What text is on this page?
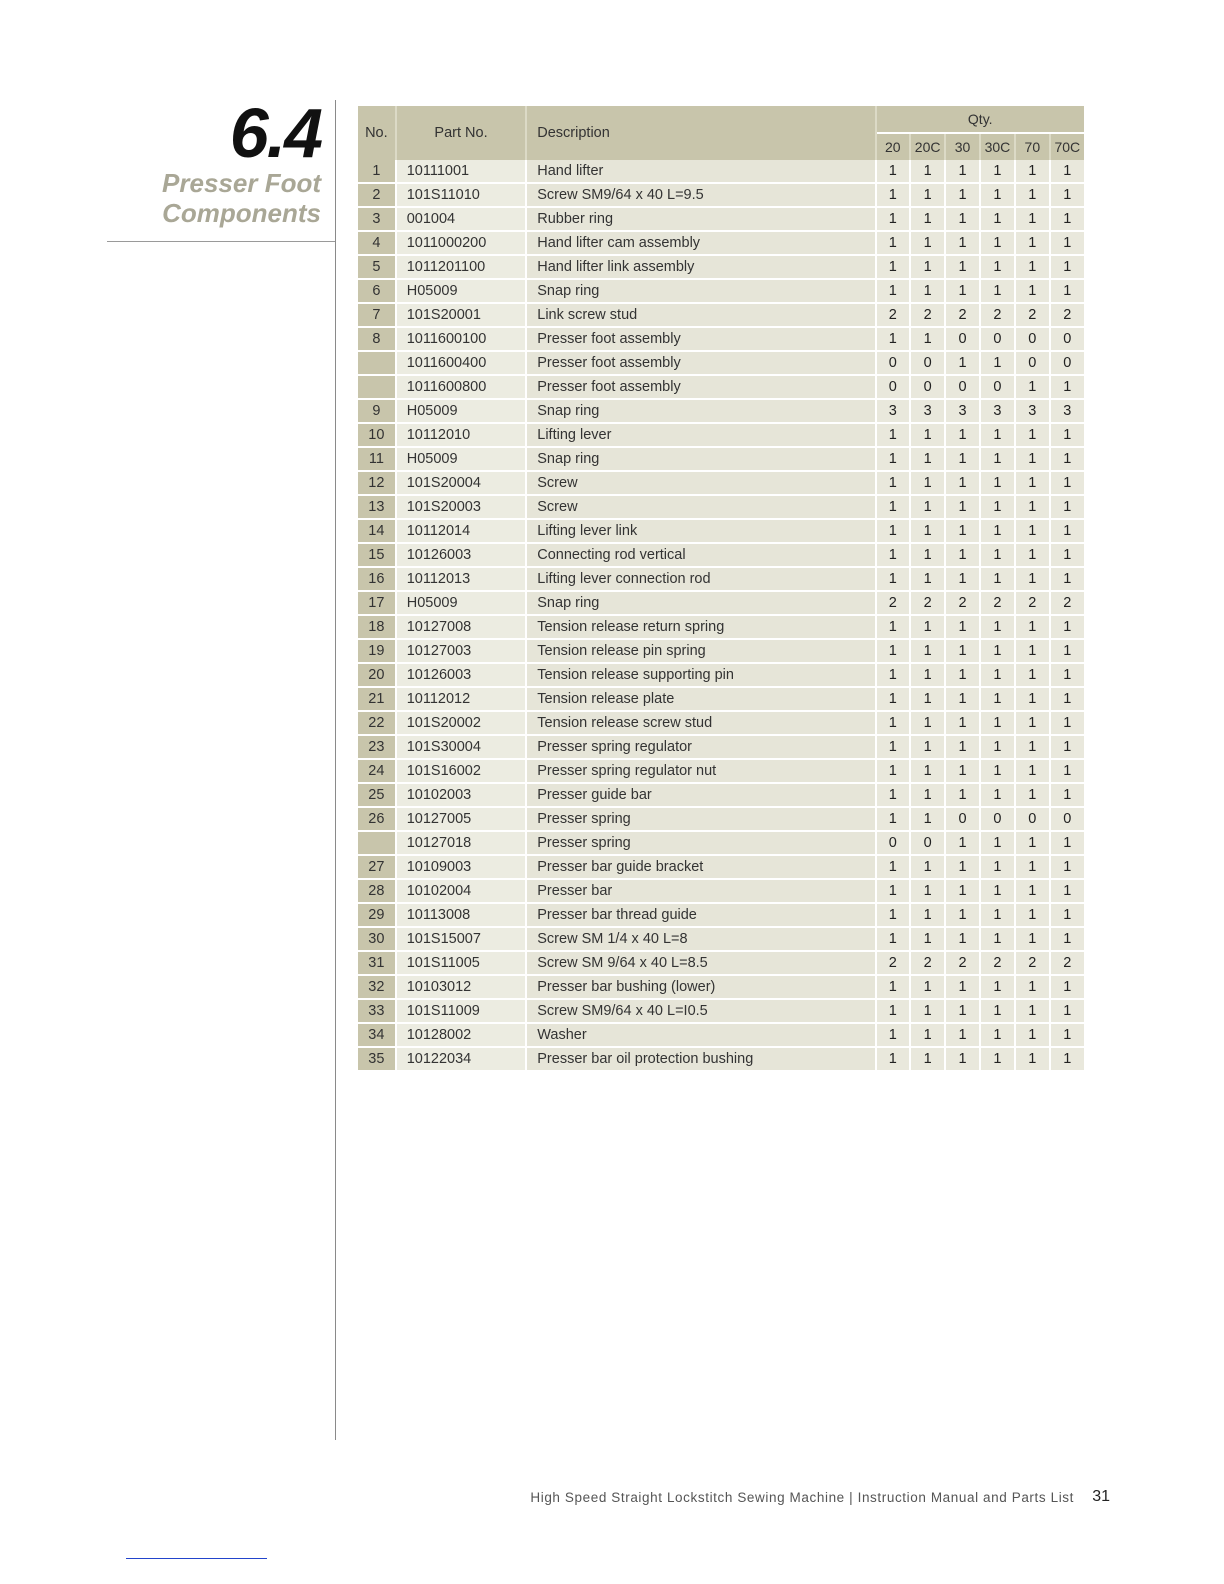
6.4
Presser Foot
Components
No.	Part No.	Description	Qty.					
			20	20C	30	30C	70	70C
1	10111001	Hand lifter	1	1	1	1	1	1
2	101S11010	Screw SM9/64 x 40 L=9.5	1	1	1	1	1	1
3	001004	Rubber ring	1	1	1	1	1	1
4	1011000200	Hand lifter cam assembly	1	1	1	1	1	1
5	1011201100	Hand lifter link assembly	1	1	1	1	1	1
6	H05009	Snap ring	1	1	1	1	1	1
7	101S20001	Link screw stud	2	2	2	2	2	2
8	1011600100	Presser foot assembly	1	1	0	0	0	0
	1011600400	Presser foot assembly	0	0	1	1	0	0
	1011600800	Presser foot assembly	0	0	0	0	1	1
9	H05009	Snap ring	3	3	3	3	3	3
10	10112010	Lifting lever	1	1	1	1	1	1
11	H05009	Snap ring	1	1	1	1	1	1
12	101S20004	Screw	1	1	1	1	1	1
13	101S20003	Screw	1	1	1	1	1	1
14	10112014	Lifting lever link	1	1	1	1	1	1
15	10126003	Connecting rod vertical	1	1	1	1	1	1
16	10112013	Lifting lever connection rod	1	1	1	1	1	1
17	H05009	Snap ring	2	2	2	2	2	2
18	10127008	Tension release return spring	1	1	1	1	1	1
19	10127003	Tension release pin spring	1	1	1	1	1	1
20	10126003	Tension release supporting pin	1	1	1	1	1	1
21	10112012	Tension release plate	1	1	1	1	1	1
22	101S20002	Tension release screw stud	1	1	1	1	1	1
23	101S30004	Presser spring regulator	1	1	1	1	1	1
24	101S16002	Presser spring regulator nut	1	1	1	1	1	1
25	10102003	Presser guide bar	1	1	1	1	1	1
26	10127005	Presser spring	1	1	0	0	0	0
	10127018	Presser spring	0	0	1	1	1	1
27	10109003	Presser bar guide bracket	1	1	1	1	1	1
28	10102004	Presser bar	1	1	1	1	1	1
29	10113008	Presser bar thread guide	1	1	1	1	1	1
30	101S15007	Screw SM 1/4 x 40 L=8	1	1	1	1	1	1
31	101S11005	Screw SM 9/64 x 40 L=8.5	2	2	2	2	2	2
32	10103012	Presser bar bushing (lower)	1	1	1	1	1	1
33	101S11009	Screw SM9/64 x 40 L=I0.5	1	1	1	1	1	1
34	10128002	Washer	1	1	1	1	1	1
35	10122034	Presser bar oil protection bushing	1	1	1	1	1	1
High Speed Straight Lockstitch Sewing Machine | Instruction Manual and Parts List 31
